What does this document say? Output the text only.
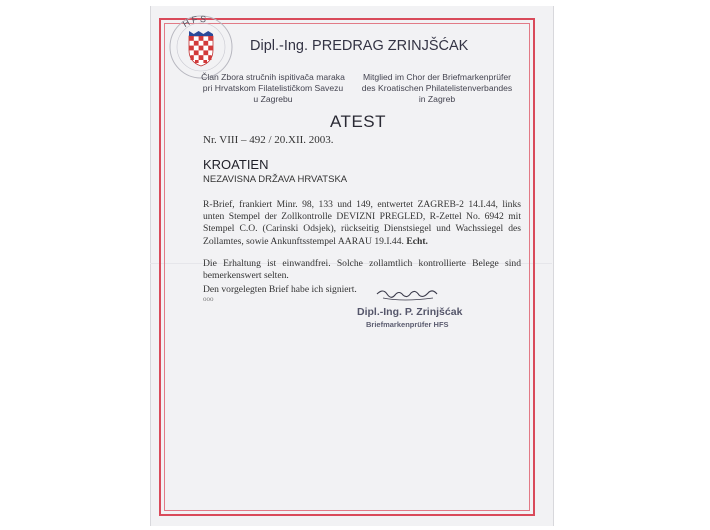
HFS
Dipl.-Ing. PREDRAG ZRINJŠĆAK
Član Zbora stručnih ispitivača maraka
pri Hrvatskom Filatelističkom Savezu
u Zagrebu
Mitglied im Chor der Briefmarkenprüfer
des Kroatischen Philatelistenverbandes
in Zagreb
ATEST
Nr. VIII – 492 / 20.XII. 2003.
KROATIEN
NEZAVISNA DRŽAVA HRVATSKA
R-Brief, frankiert Minr. 98, 133 und 149, entwertet ZAGREB-2 14.I.44, links unten Stempel der Zollkontrolle DEVIZNI PREGLED, R-Zettel No. 6942 mit Stempel C.O. (Carinski Odsjek), rückseitig Dienstsiegel und Wachssiegel des Zollamtes, sowie Ankunftsstempel AARAU 19.I.44. Echt.
Die Erhaltung ist einwandfrei. Solche zollamtlich kontrollierte Belege sind bemerkenswert selten.
Den vorgelegten Brief habe ich signiert.
ooo
Dipl.-Ing. P. Zrinjšćak
Briefmarkenprüfer HFS
